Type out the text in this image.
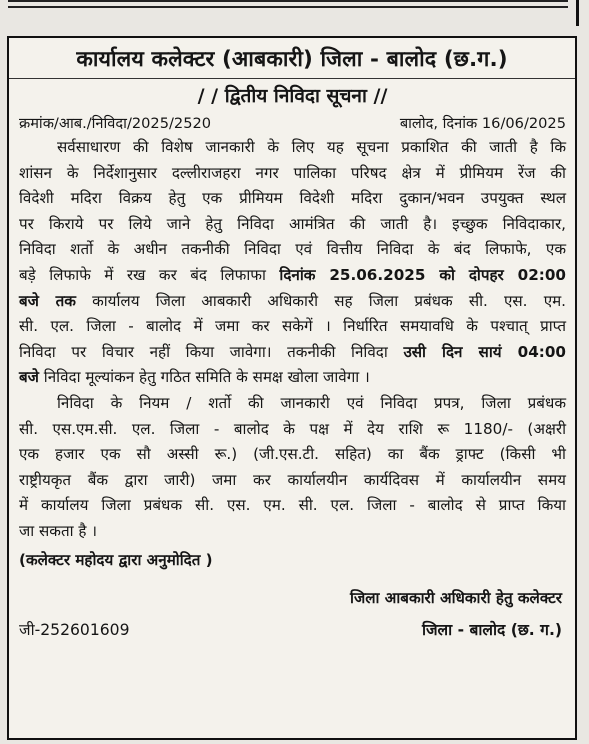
कार्यालय कलेक्टर (आबकारी) जिला - बालोद (छ.ग.)
/ / द्वितीय निविदा सूचना //
क्रमांक/आब./निविदा/2025/2520	बालोद, दिनांक 16/06/2025
सर्वसाधारण की विशेष जानकारी के लिए यह सूचना प्रकाशित की जाती है कि
शांसन के निर्देशानुसार दल्लीराजहरा नगर पालिका परिषद क्षेत्र में प्रीमियम रेंज की
विदेशी मदिरा विक्रय हेतु एक प्रीमियम विदेशी मदिरा दुकान/भवन उपयुक्त स्थल
पर किराये पर लिये जाने हेतु निविदा आमंत्रित की जाती है। इच्छुक निविदाकार,
निविदा शर्तो के अधीन तकनीकी निविदा एवं वित्तीय निविदा के बंद लिफाफे, एक
बड़े लिफाफे में रख कर बंद लिफाफा दिनांक 25.06.2025 को दोपहर 02:00
बजे तक कार्यालय जिला आबकारी अधिकारी सह जिला प्रबंधक सी. एस. एम.
सी. एल. जिला - बालोद में जमा कर सकेगें । निर्धारित समयावधि के पश्चात् प्राप्त
निविदा पर विचार नहीं किया जावेगा। तकनीकी निविदा उसी दिन सायं 04:00
बजे निविदा मूल्यांकन हेतु गठित समिति के समक्ष खोला जावेगा ।
निविदा के नियम / शर्तो की जानकारी एवं निविदा प्रपत्र, जिला प्रबंधक
सी. एस.एम.सी. एल. जिला - बालोद के पक्ष में देय राशि रू 1180/- (अक्षरी
एक हजार एक सौ अस्सी रू.) (जी.एस.टी. सहित) का बैंक ड्राफ्ट (किसी भी
राष्ट्रीयकृत बैंक द्वारा जारी) जमा कर कार्यालयीन कार्यदिवस में कार्यालयीन समय
में कार्यालय जिला प्रबंधक सी. एस. एम. सी. एल. जिला - बालोद से प्राप्त किया
जा सकता है ।
(कलेक्टर महोदय द्वारा अनुमोदित )
जिला आबकारी अधिकारी हेतु कलेक्टर
जी-252601609	जिला - बालोद (छ. ग.)
